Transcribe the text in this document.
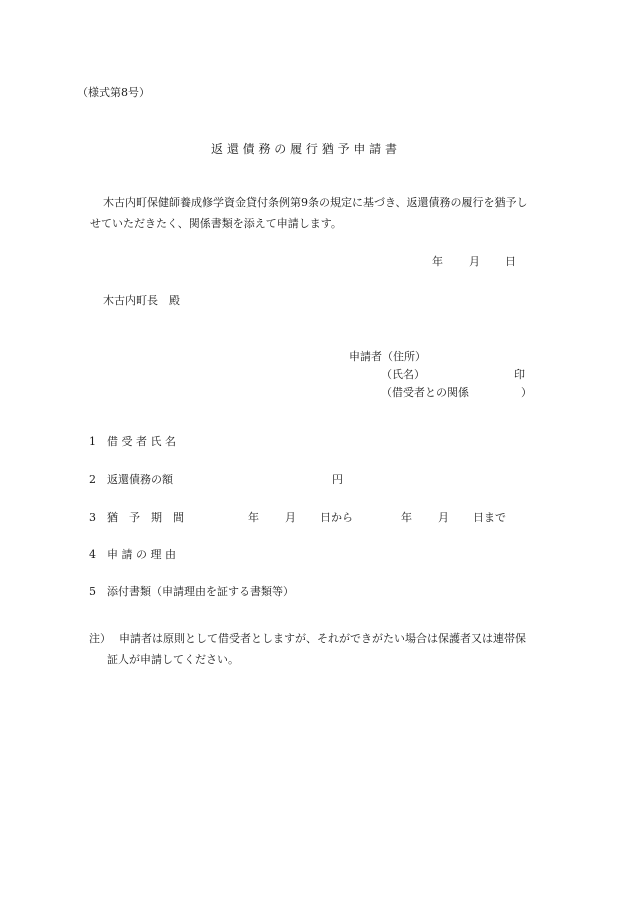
（様式第8号）
返 還 債 務 の 履 行 猶 予 申 請 書
木古内町保健師養成修学資金貸付条例第9条の規定に基づき、返還債務の履行を猶予し
せていただきたく、関係書類を添えて申請します。
年 月 日
木古内町長　殿
申請者（住所）
（氏名）	印
（借受者との関係	）
1 借 受 者 氏 名
2 返還債務の額	円
3 猶　予　期　間	年 月 日から	年 月 日まで
4 申 請 の 理 由
5 添付書類（申請理由を証する書類等）
注） 申請者は原則として借受者としますが、それができがたい場合は保護者又は連帯保
証人が申請してください。
